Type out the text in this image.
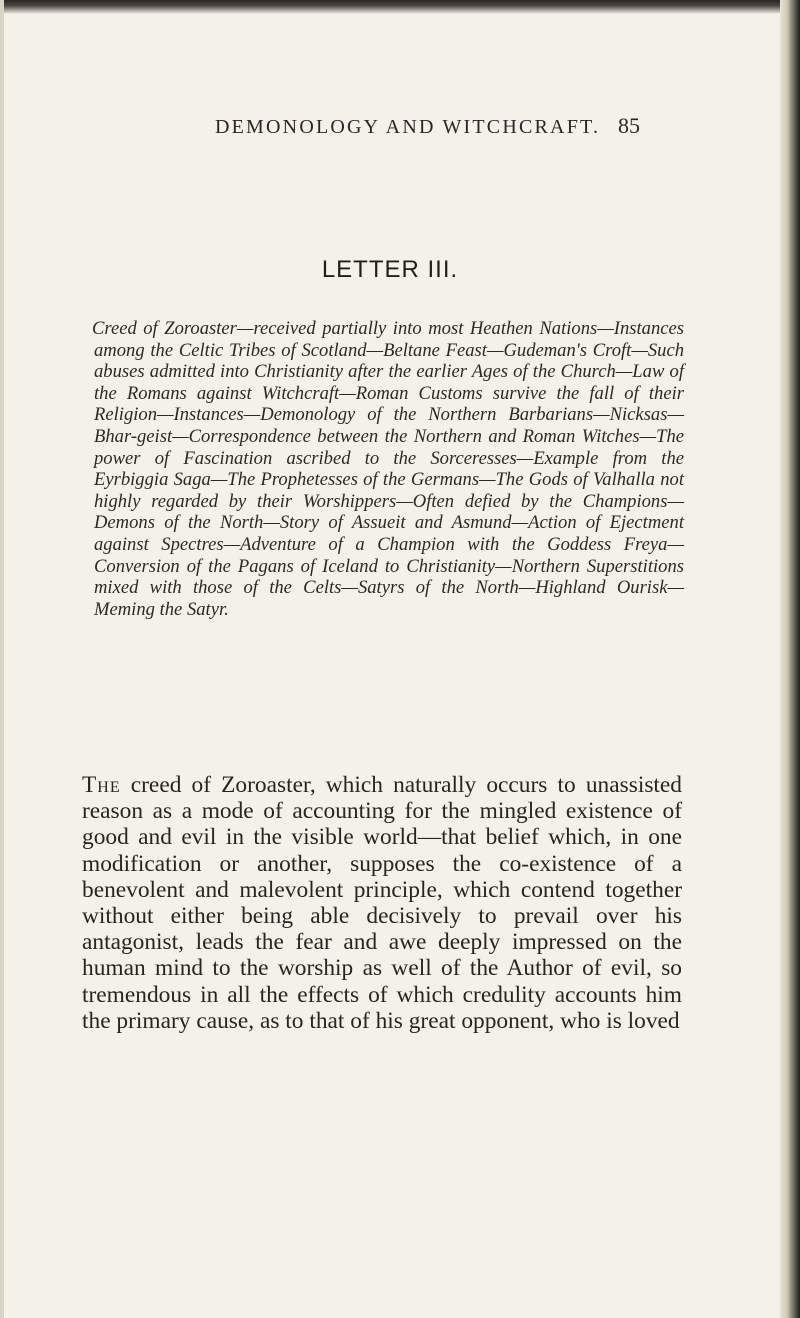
DEMONOLOGY AND WITCHCRAFT. 85
LETTER III.
Creed of Zoroaster—received partially into most Heathen Nations—Instances among the Celtic Tribes of Scotland—Beltane Feast—Gudeman's Croft—Such abuses admitted into Christianity after the earlier Ages of the Church—Law of the Romans against Witchcraft—Roman Customs survive the fall of their Religion—Instances—Demonology of the Northern Barbarians—Nicksas—Bhar-geist—Correspondence between the Northern and Roman Witches—The power of Fascination ascribed to the Sorceresses—Example from the Eyrbiggia Saga—The Prophetesses of the Germans—The Gods of Valhalla not highly regarded by their Worshippers—Often defied by the Champions—Demons of the North—Story of Assueit and Asmund—Action of Ejectment against Spectres—Adventure of a Champion with the Goddess Freya—Conversion of the Pagans of Iceland to Christianity—Northern Superstitions mixed with those of the Celts—Satyrs of the North—Highland Ourisk—Meming the Satyr.
The creed of Zoroaster, which naturally occurs to unassisted reason as a mode of accounting for the mingled existence of good and evil in the visible world—that belief which, in one modification or another, supposes the co-existence of a benevolent and malevolent principle, which contend together without either being able decisively to prevail over his antagonist, leads the fear and awe deeply impressed on the human mind to the worship as well of the Author of evil, so tremendous in all the effects of which credulity accounts him the primary cause, as to that of his great opponent, who is loved
